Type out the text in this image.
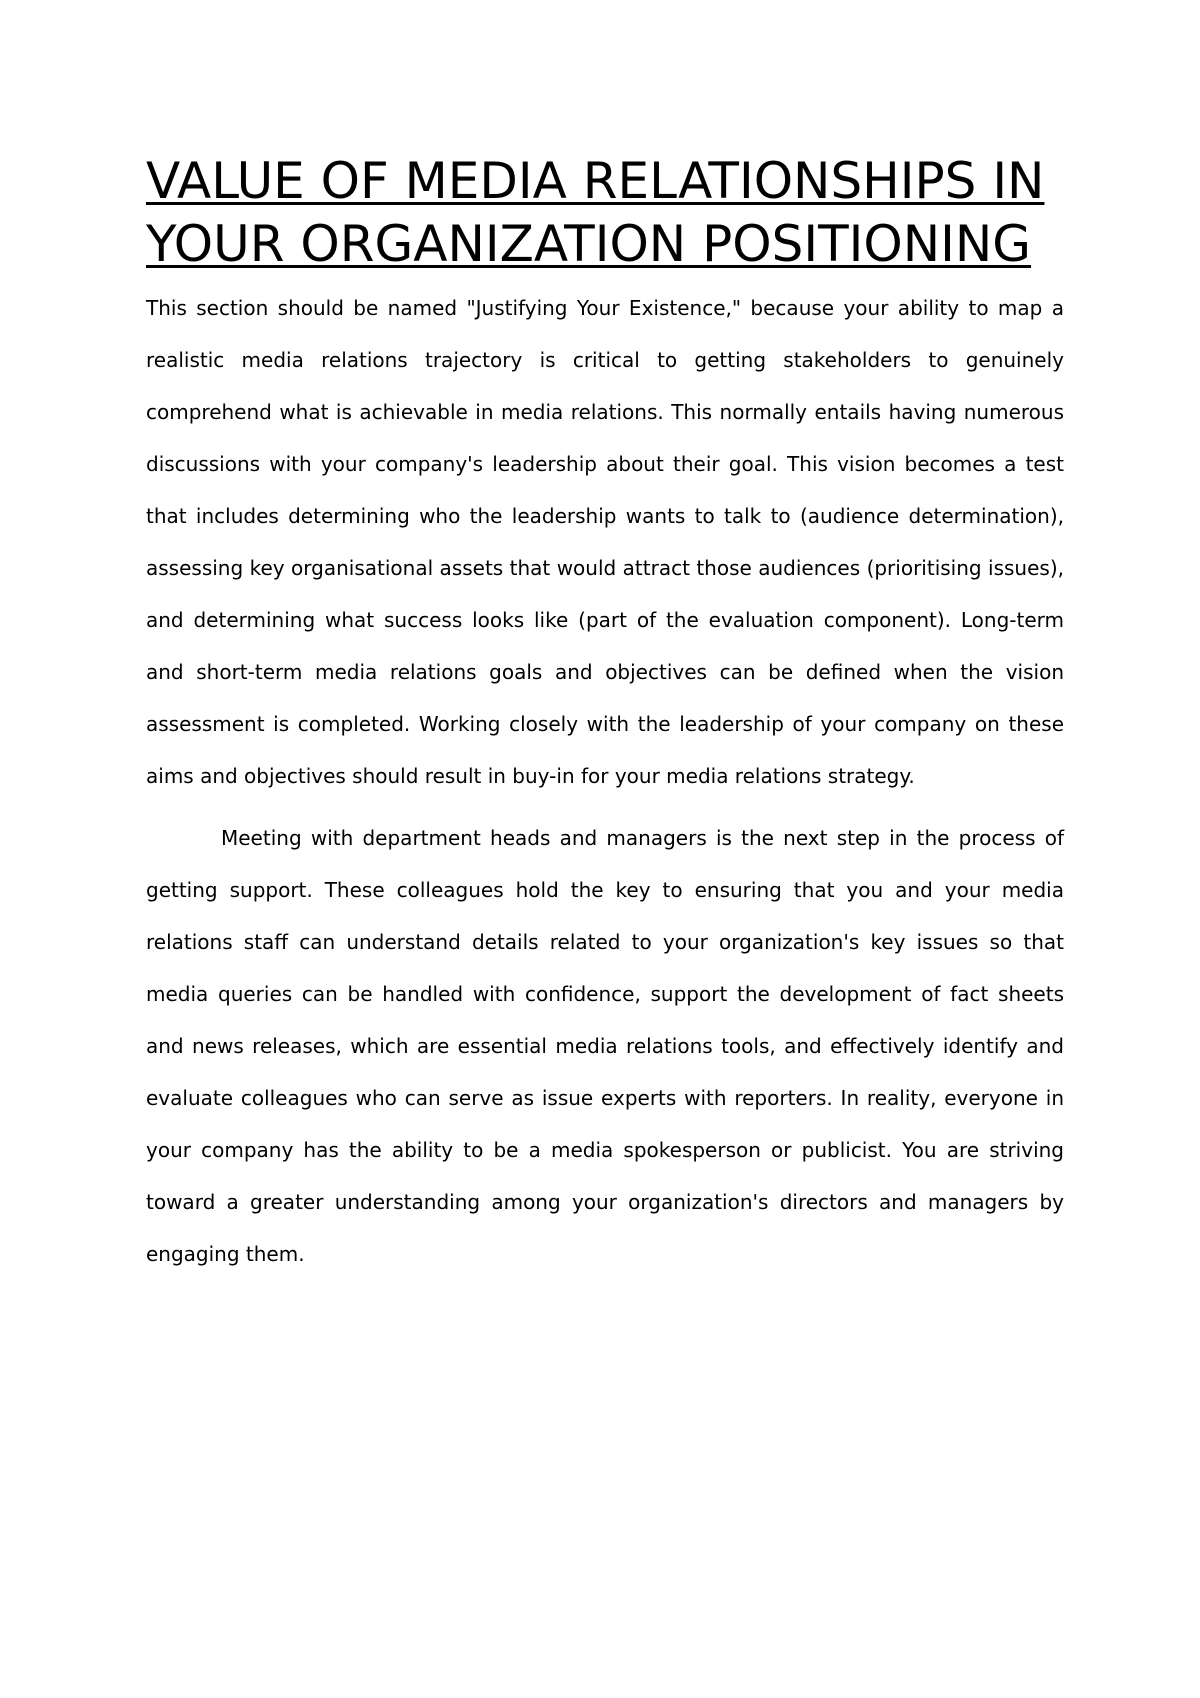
VALUE OF MEDIA RELATIONSHIPS IN YOUR ORGANIZATION POSITIONING

This section should be named "Justifying Your Existence," because your ability to map a realistic media relations trajectory is critical to getting stakeholders to genuinely comprehend what is achievable in media relations. This normally entails having numerous discussions with your company's leadership about their goal. This vision becomes a test that includes determining who the leadership wants to talk to (audience determination), assessing key organisational assets that would attract those audiences (prioritising issues), and determining what success looks like (part of the evaluation component). Long-term and short-term media relations goals and objectives can be defined when the vision assessment is completed. Working closely with the leadership of your company on these aims and objectives should result in buy-in for your media relations strategy.

Meeting with department heads and managers is the next step in the process of getting support. These colleagues hold the key to ensuring that you and your media relations staff can understand details related to your organization's key issues so that media queries can be handled with confidence, support the development of fact sheets and news releases, which are essential media relations tools, and effectively identify and evaluate colleagues who can serve as issue experts with reporters. In reality, everyone in your company has the ability to be a media spokesperson or publicist. You are striving toward a greater understanding among your organization's directors and managers by engaging them.
